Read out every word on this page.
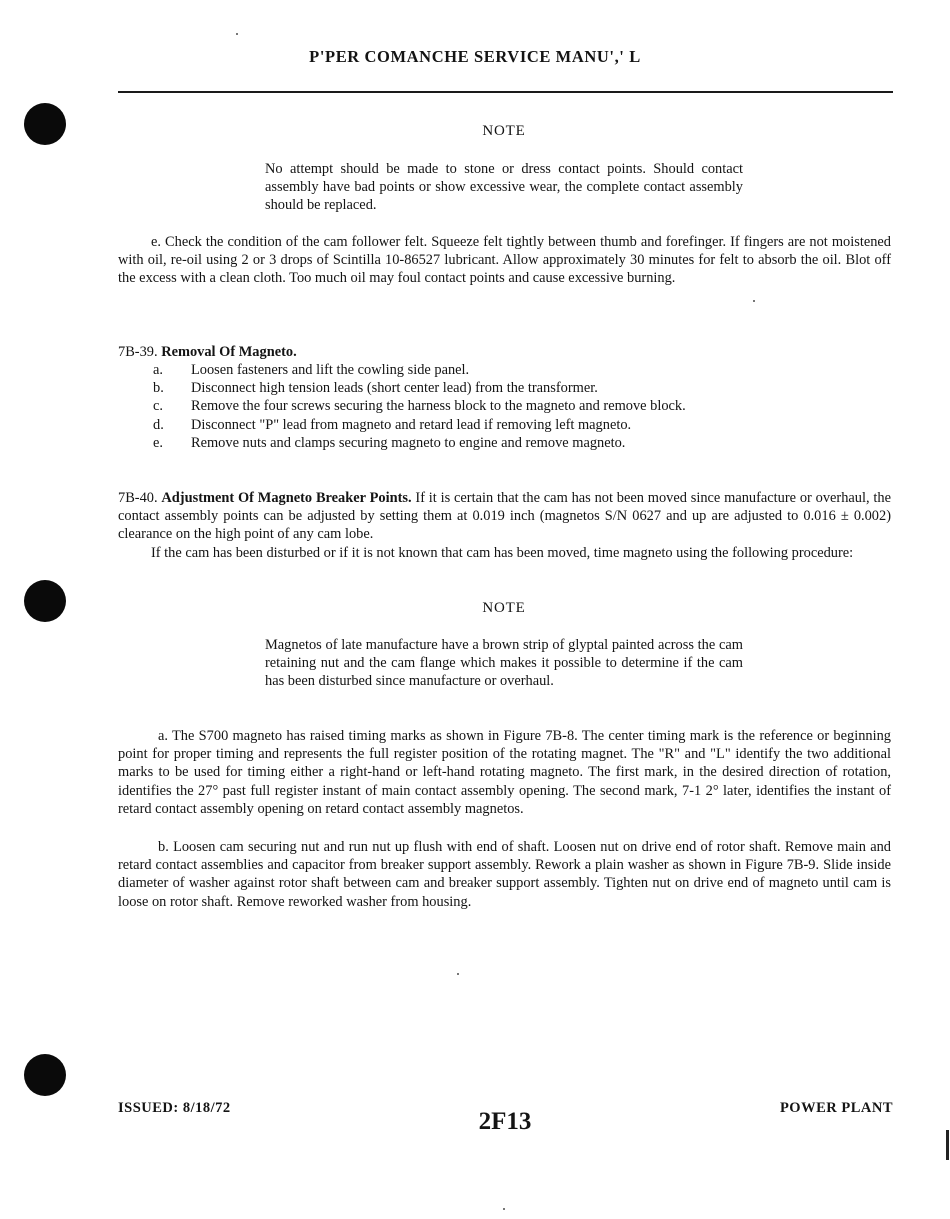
P'PER COMANCHE SERVICE MANU',' L
NOTE
No attempt should be made to stone or dress contact points. Should contact assembly have bad points or show excessive wear, the complete contact assembly should be replaced.
e. Check the condition of the cam follower felt. Squeeze felt tightly between thumb and forefinger. If fingers are not moistened with oil, re-oil using 2 or 3 drops of Scintilla 10-86527 lubricant. Allow approximately 30 minutes for felt to absorb the oil. Blot off the excess with a clean cloth. Too much oil may foul contact points and cause excessive burning.
7B-39. Removal Of Magneto.
a.	Loosen fasteners and lift the cowling side panel.
b.	Disconnect high tension leads (short center lead) from the transformer.
c.	Remove the four screws securing the harness block to the magneto and remove block.
d.	Disconnect "P" lead from magneto and retard lead if removing left magneto.
e.	Remove nuts and clamps securing magneto to engine and remove magneto.
7B-40. Adjustment Of Magneto Breaker Points. If it is certain that the cam has not been moved since manufacture or overhaul, the contact assembly points can be adjusted by setting them at 0.019 inch (magnetos S/N 0627 and up are adjusted to 0.016 ± 0.002) clearance on the high point of any cam lobe.
If the cam has been disturbed or if it is not known that cam has been moved, time magneto using the following procedure:
NOTE
Magnetos of late manufacture have a brown strip of glyptal painted across the cam retaining nut and the cam flange which makes it possible to determine if the cam has been disturbed since manufacture or overhaul.
a. The S700 magneto has raised timing marks as shown in Figure 7B-8. The center timing mark is the reference or beginning point for proper timing and represents the full register position of the rotating magnet. The "R" and "L" identify the two additional marks to be used for timing either a right-hand or left-hand rotating magneto. The first mark, in the desired direction of rotation, identifies the 27° past full register instant of main contact assembly opening. The second mark, 7-1 2° later, identifies the instant of retard contact assembly opening on retard contact assembly magnetos.
b. Loosen cam securing nut and run nut up flush with end of shaft. Loosen nut on drive end of rotor shaft. Remove main and retard contact assemblies and capacitor from breaker support assembly. Rework a plain washer as shown in Figure 7B-9. Slide inside diameter of washer against rotor shaft between cam and breaker support assembly. Tighten nut on drive end of magneto until cam is loose on rotor shaft. Remove reworked washer from housing.
ISSUED: 8/18/72	2F13	POWER PLANT
